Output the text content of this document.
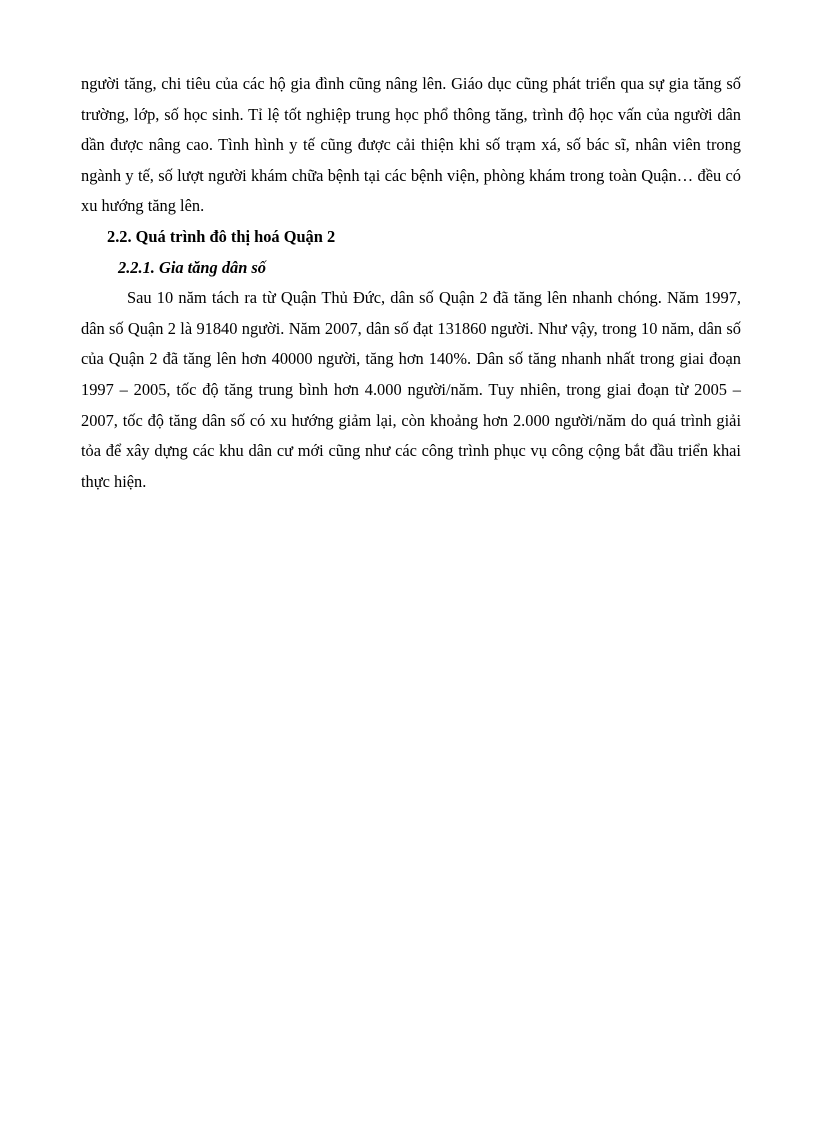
người tăng, chi tiêu của các hộ gia đình cũng nâng lên. Giáo dục cũng phát triển qua sự gia tăng số trường, lớp, số học sinh. Tỉ lệ tốt nghiệp trung học phổ thông tăng, trình độ học vấn của người dân dần được nâng cao. Tình hình y tế cũng được cải thiện khi số trạm xá, số bác sĩ, nhân viên trong ngành y tế, số lượt người khám chữa bệnh tại các bệnh viện, phòng khám trong toàn Quận… đều có xu hướng tăng lên.

2.2. Quá trình đô thị hoá Quận 2

2.2.1. Gia tăng dân số

Sau 10 năm tách ra từ Quận Thủ Đức, dân số Quận 2 đã tăng lên nhanh chóng. Năm 1997, dân số Quận 2 là 91840 người. Năm 2007, dân số đạt 131860 người. Như vậy, trong 10 năm, dân số của Quận 2 đã tăng lên hơn 40000 người, tăng hơn 140%. Dân số tăng nhanh nhất trong giai đoạn 1997 – 2005, tốc độ tăng trung bình hơn 4.000 người/năm. Tuy nhiên, trong giai đoạn từ 2005 – 2007, tốc độ tăng dân số có xu hướng giảm lại, còn khoảng hơn 2.000 người/năm do quá trình giải tỏa để xây dựng các khu dân cư mới cũng như các công trình phục vụ công cộng bắt đầu triển khai thực hiện.
